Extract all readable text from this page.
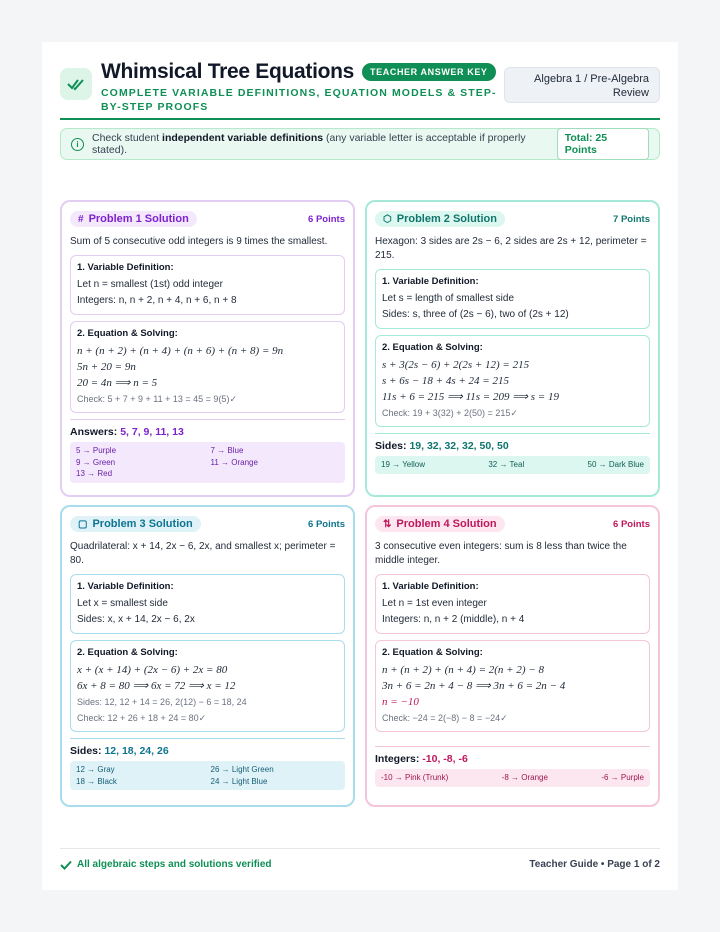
Whimsical Tree Equations	TEACHER ANSWER KEY
COMPLETE VARIABLE DEFINITIONS, EQUATION MODELS & STEP-BY-STEP PROOFS
Algebra 1 / Pre-Algebra
Review
i	Check student independent variable definitions (any variable letter is acceptable if properly stated).
Total: 25 Points
# Problem 1 Solution	6 Points
Sum of 5 consecutive odd integers is 9 times the smallest.
1. Variable Definition:
Let n = smallest (1st) odd integer
Integers: n, n + 2, n + 4, n + 6, n + 8
2. Equation & Solving:
n + (n + 2) + (n + 4) + (n + 6) + (n + 8) = 9n
5n + 20 = 9n
20 = 4n ⟹ n = 5
Check: 5 + 7 + 9 + 11 + 13 = 45 = 9(5)✓
Answers: 5, 7, 9, 11, 13
5 → Purple	7 → Blue
9 → Green	11 → Orange
13 → Red
⬡ Problem 2 Solution	7 Points
Hexagon: 3 sides are 2s − 6, 2 sides are 2s + 12, perimeter = 215.
1. Variable Definition:
Let s = length of smallest side
Sides: s, three of (2s − 6), two of (2s + 12)
2. Equation & Solving:
s + 3(2s − 6) + 2(2s + 12) = 215
s + 6s − 18 + 4s + 24 = 215
11s + 6 = 215 ⟹ 11s = 209 ⟹ s = 19
Check: 19 + 3(32) + 2(50) = 215✓
Sides: 19, 32, 32, 32, 50, 50
19 → Yellow	32 → Teal	50 → Dark Blue
▢ Problem 3 Solution	6 Points
Quadrilateral: x + 14, 2x − 6, 2x, and smallest x; perimeter = 80.
1. Variable Definition:
Let x = smallest side
Sides: x, x + 14, 2x − 6, 2x
2. Equation & Solving:
x + (x + 14) + (2x − 6) + 2x = 80
6x + 8 = 80 ⟹ 6x = 72 ⟹ x = 12
Sides: 12, 12 + 14 = 26, 2(12) − 6 = 18, 24
Check: 12 + 26 + 18 + 24 = 80✓
Sides: 12, 18, 24, 26
12 → Gray	26 → Light Green
18 → Black	24 → Light Blue
⇅ Problem 4 Solution	6 Points
3 consecutive even integers: sum is 8 less than twice the middle integer.
1. Variable Definition:
Let n = 1st even integer
Integers: n, n + 2 (middle), n + 4
2. Equation & Solving:
n + (n + 2) + (n + 4) = 2(n + 2) − 8
3n + 6 = 2n + 4 − 8 ⟹ 3n + 6 = 2n − 4
n = −10
Check: −24 = 2(−8) − 8 = −24✓
Integers: -10, -8, -6
-10 → Pink (Trunk)	-8 → Orange	-6 → Purple
All algebraic steps and solutions verified	Teacher Guide • Page 1 of 2
